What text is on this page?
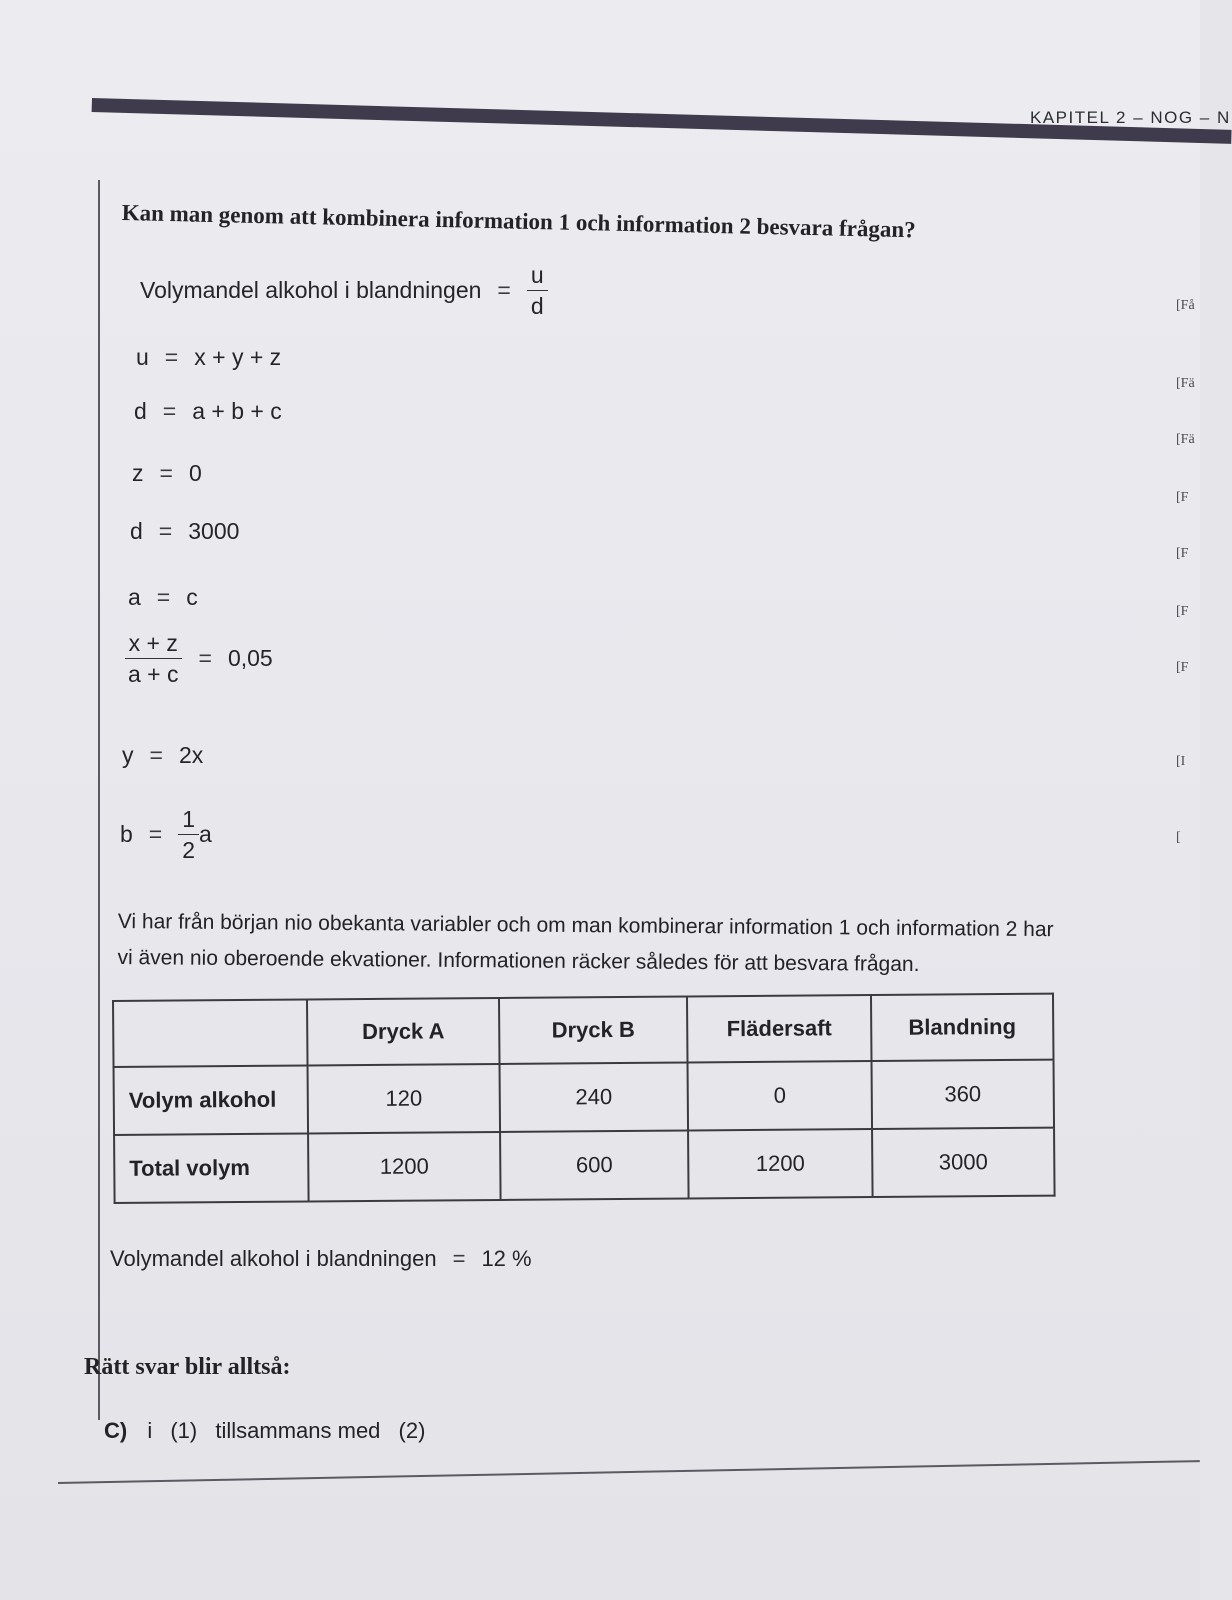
KAPITEL 2 – NOG – N
[Få
[Fä
[Fä
[F
[F
[F
[F
[I
[
Kan man genom att kombinera information 1 och information 2 besvara frågan?
Volymandel alkohol i blandningen = $\frac{u}{d}$
u = x + y + z
d = a + b + c
z = 0
d = 3000
a = c
$\frac{x + z}{a + c} = 0,05$
y = 2x
$b = \frac{1}{2}$ a
Vi har från början nio obekanta variabler och om man kombinerar information 1 och information 2 har
vi även nio oberoende ekvationer. Informationen räcker således för att besvara frågan.
	Dryck A	Dryck B	Flädersaft	Blandning
Volym alkohol	120	240	0	360
Total volym	1200	600	1200	3000
Volymandel alkohol i blandningen = 12 %
Rätt svar blir alltså:
C) i (1) tillsammans med (2)
